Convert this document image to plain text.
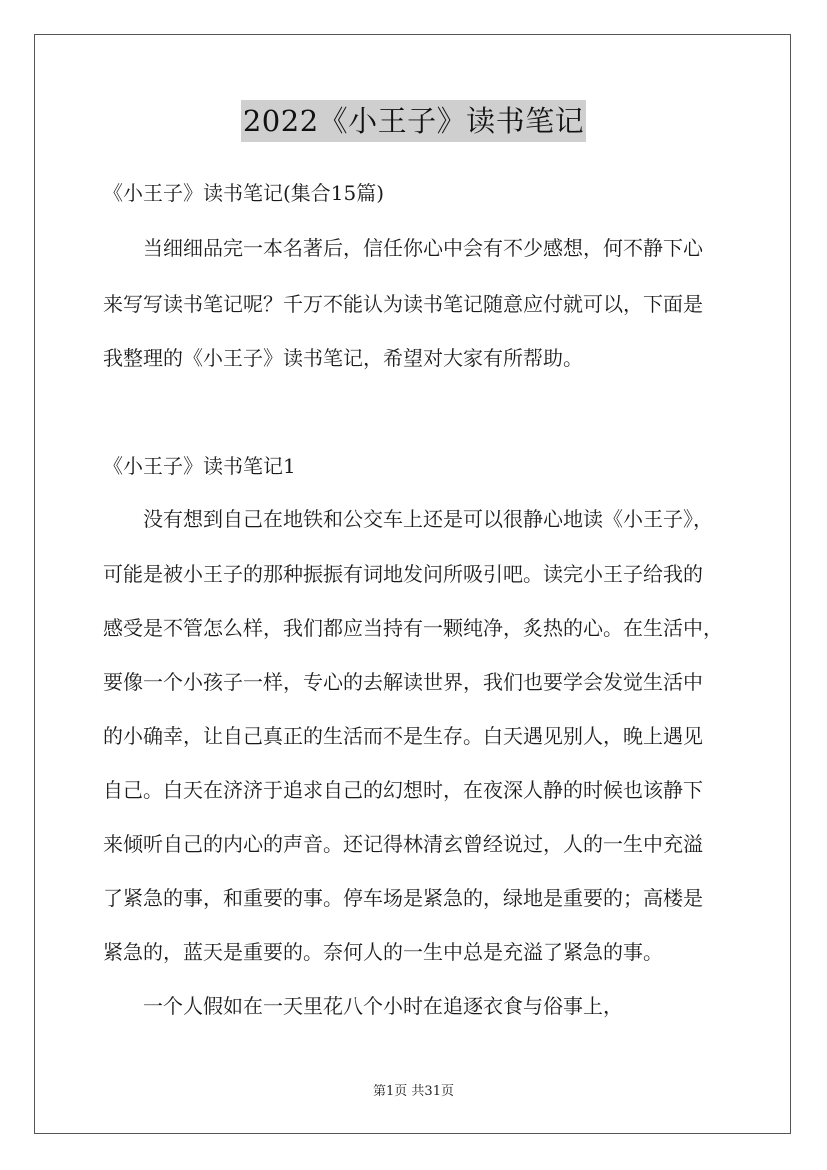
2022《小王子》读书笔记
《小王子》读书笔记(集合15篇)
当细细品完一本名著后，信任你心中会有不少感想，何不静下心
来写写读书笔记呢？千万不能认为读书笔记随意应付就可以，下面是
我整理的《小王子》读书笔记，希望对大家有所帮助。
《小王子》读书笔记1
没有想到自己在地铁和公交车上还是可以很静心地读《小王子》，
可能是被小王子的那种振振有词地发问所吸引吧。读完小王子给我的
感受是不管怎么样，我们都应当持有一颗纯净，炙热的心。在生活中，
要像一个小孩子一样，专心的去解读世界，我们也要学会发觉生活中
的小确幸，让自己真正的生活而不是生存。白天遇见别人，晚上遇见
自己。白天在济济于追求自己的幻想时，在夜深人静的时候也该静下
来倾听自己的内心的声音。还记得林清玄曾经说过，人的一生中充溢
了紧急的事，和重要的事。停车场是紧急的，绿地是重要的；高楼是
紧急的，蓝天是重要的。奈何人的一生中总是充溢了紧急的事。
一个人假如在一天里花八个小时在追逐衣食与俗事上，
第1页 共31页
